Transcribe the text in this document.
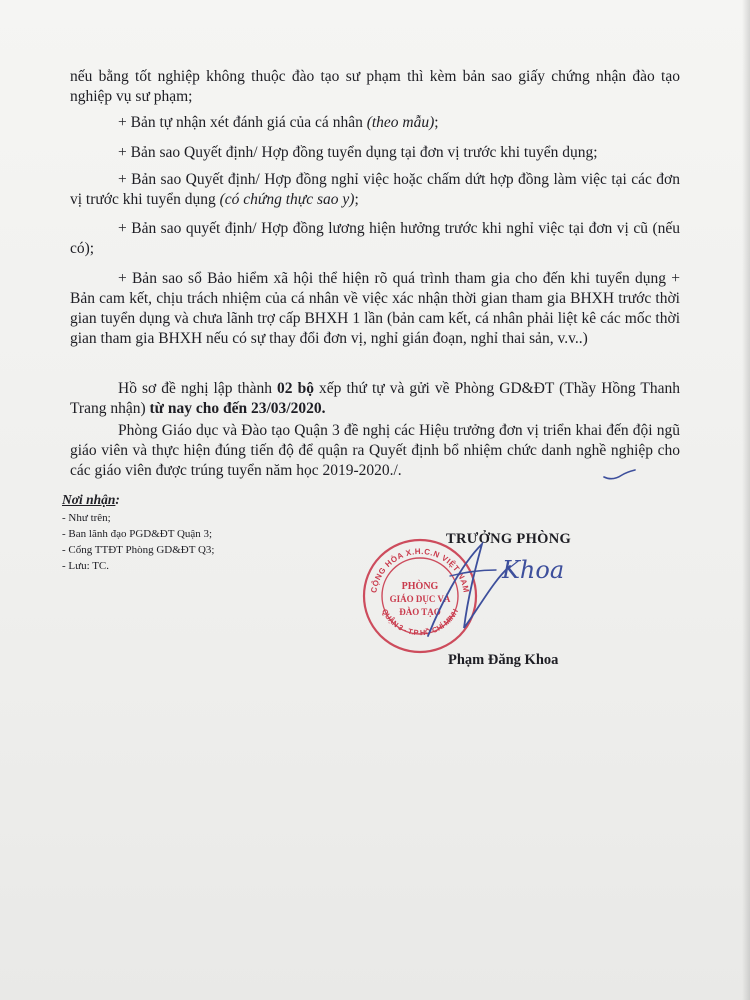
nếu bằng tốt nghiệp không thuộc đào tạo sư phạm thì kèm bản sao giấy chứng nhận đào tạo nghiệp vụ sư phạm;

+ Bản tự nhận xét đánh giá của cá nhân (theo mẫu);

+ Bản sao Quyết định/ Hợp đồng tuyển dụng tại đơn vị trước khi tuyển dụng;

+ Bản sao Quyết định/ Hợp đồng nghỉ việc hoặc chấm dứt hợp đồng làm việc tại các đơn vị trước khi tuyển dụng (có chứng thực sao y);

+ Bản sao quyết định/ Hợp đồng lương hiện hưởng trước khi nghỉ việc tại đơn vị cũ (nếu có);

+ Bản sao sổ Bảo hiểm xã hội thể hiện rõ quá trình tham gia cho đến khi tuyển dụng + Bản cam kết, chịu trách nhiệm của cá nhân về việc xác nhận thời gian tham gia BHXH trước thời gian tuyển dụng và chưa lãnh trợ cấp BHXH 1 lần (bản cam kết, cá nhân phải liệt kê các mốc thời gian tham gia BHXH nếu có sự thay đổi đơn vị, nghỉ gián đoạn, nghỉ thai sản, v.v..)

Hồ sơ đề nghị lập thành 02 bộ xếp thứ tự và gửi về Phòng GD&ĐT (Thầy Hồng Thanh Trang nhận) từ nay cho đến 23/03/2020.

Phòng Giáo dục và Đào tạo Quận 3 đề nghị các Hiệu trưởng đơn vị triển khai đến đội ngũ giáo viên và thực hiện đúng tiến độ để quận ra Quyết định bổ nhiệm chức danh nghề nghiệp cho các giáo viên được trúng tuyển năm học 2019-2020./.

Nơi nhận:
- Như trên;
- Ban lãnh đạo PGD&ĐT Quận 3;
- Cổng TTĐT Phòng GD&ĐT Q3;
- Lưu: TC.
TRƯỞNG PHÒNG
CỘNG HÒA X.H.C.N VIỆT NAM
QUẬN 3 - T.P HỒ CHÍ MINH
PHÒNG
GIÁO DỤC VÀ
ĐÀO TẠO
Khoa
Phạm Đăng Khoa
